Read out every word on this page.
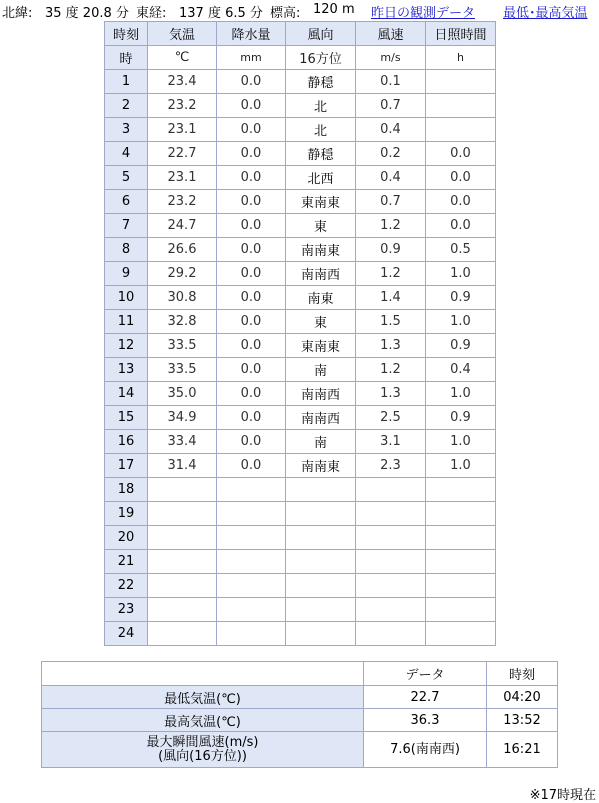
北緯: 35 度 20.8 分 東経: 137 度 6.5 分 標高: 120 m 昨日の観測データ 最低･最高気温
時刻	気温	降水量	風向	風速	日照時間
時	℃	mm	16方位	m/s	h
1	23.4	0.0	静穏	0.1	
2	23.2	0.0	北	0.7	
3	23.1	0.0	北	0.4	
4	22.7	0.0	静穏	0.2	0.0
5	23.1	0.0	北西	0.4	0.0
6	23.2	0.0	東南東	0.7	0.0
7	24.7	0.0	東	1.2	0.0
8	26.6	0.0	南南東	0.9	0.5
9	29.2	0.0	南南西	1.2	1.0
10	30.8	0.0	南東	1.4	0.9
11	32.8	0.0	東	1.5	1.0
12	33.5	0.0	東南東	1.3	0.9
13	33.5	0.0	南	1.2	0.4
14	35.0	0.0	南南西	1.3	1.0
15	34.9	0.0	南南西	2.5	0.9
16	33.4	0.0	南	3.1	1.0
17	31.4	0.0	南南東	2.3	1.0
18					
19					
20					
21					
22					
23					
24					
	データ	時刻
最低気温(℃)	22.7	04:20
最高気温(℃)	36.3	13:52

最大瞬間風速(m/s)
(風向(16方位))	7.6(南南西)	16:21
※17時現在
